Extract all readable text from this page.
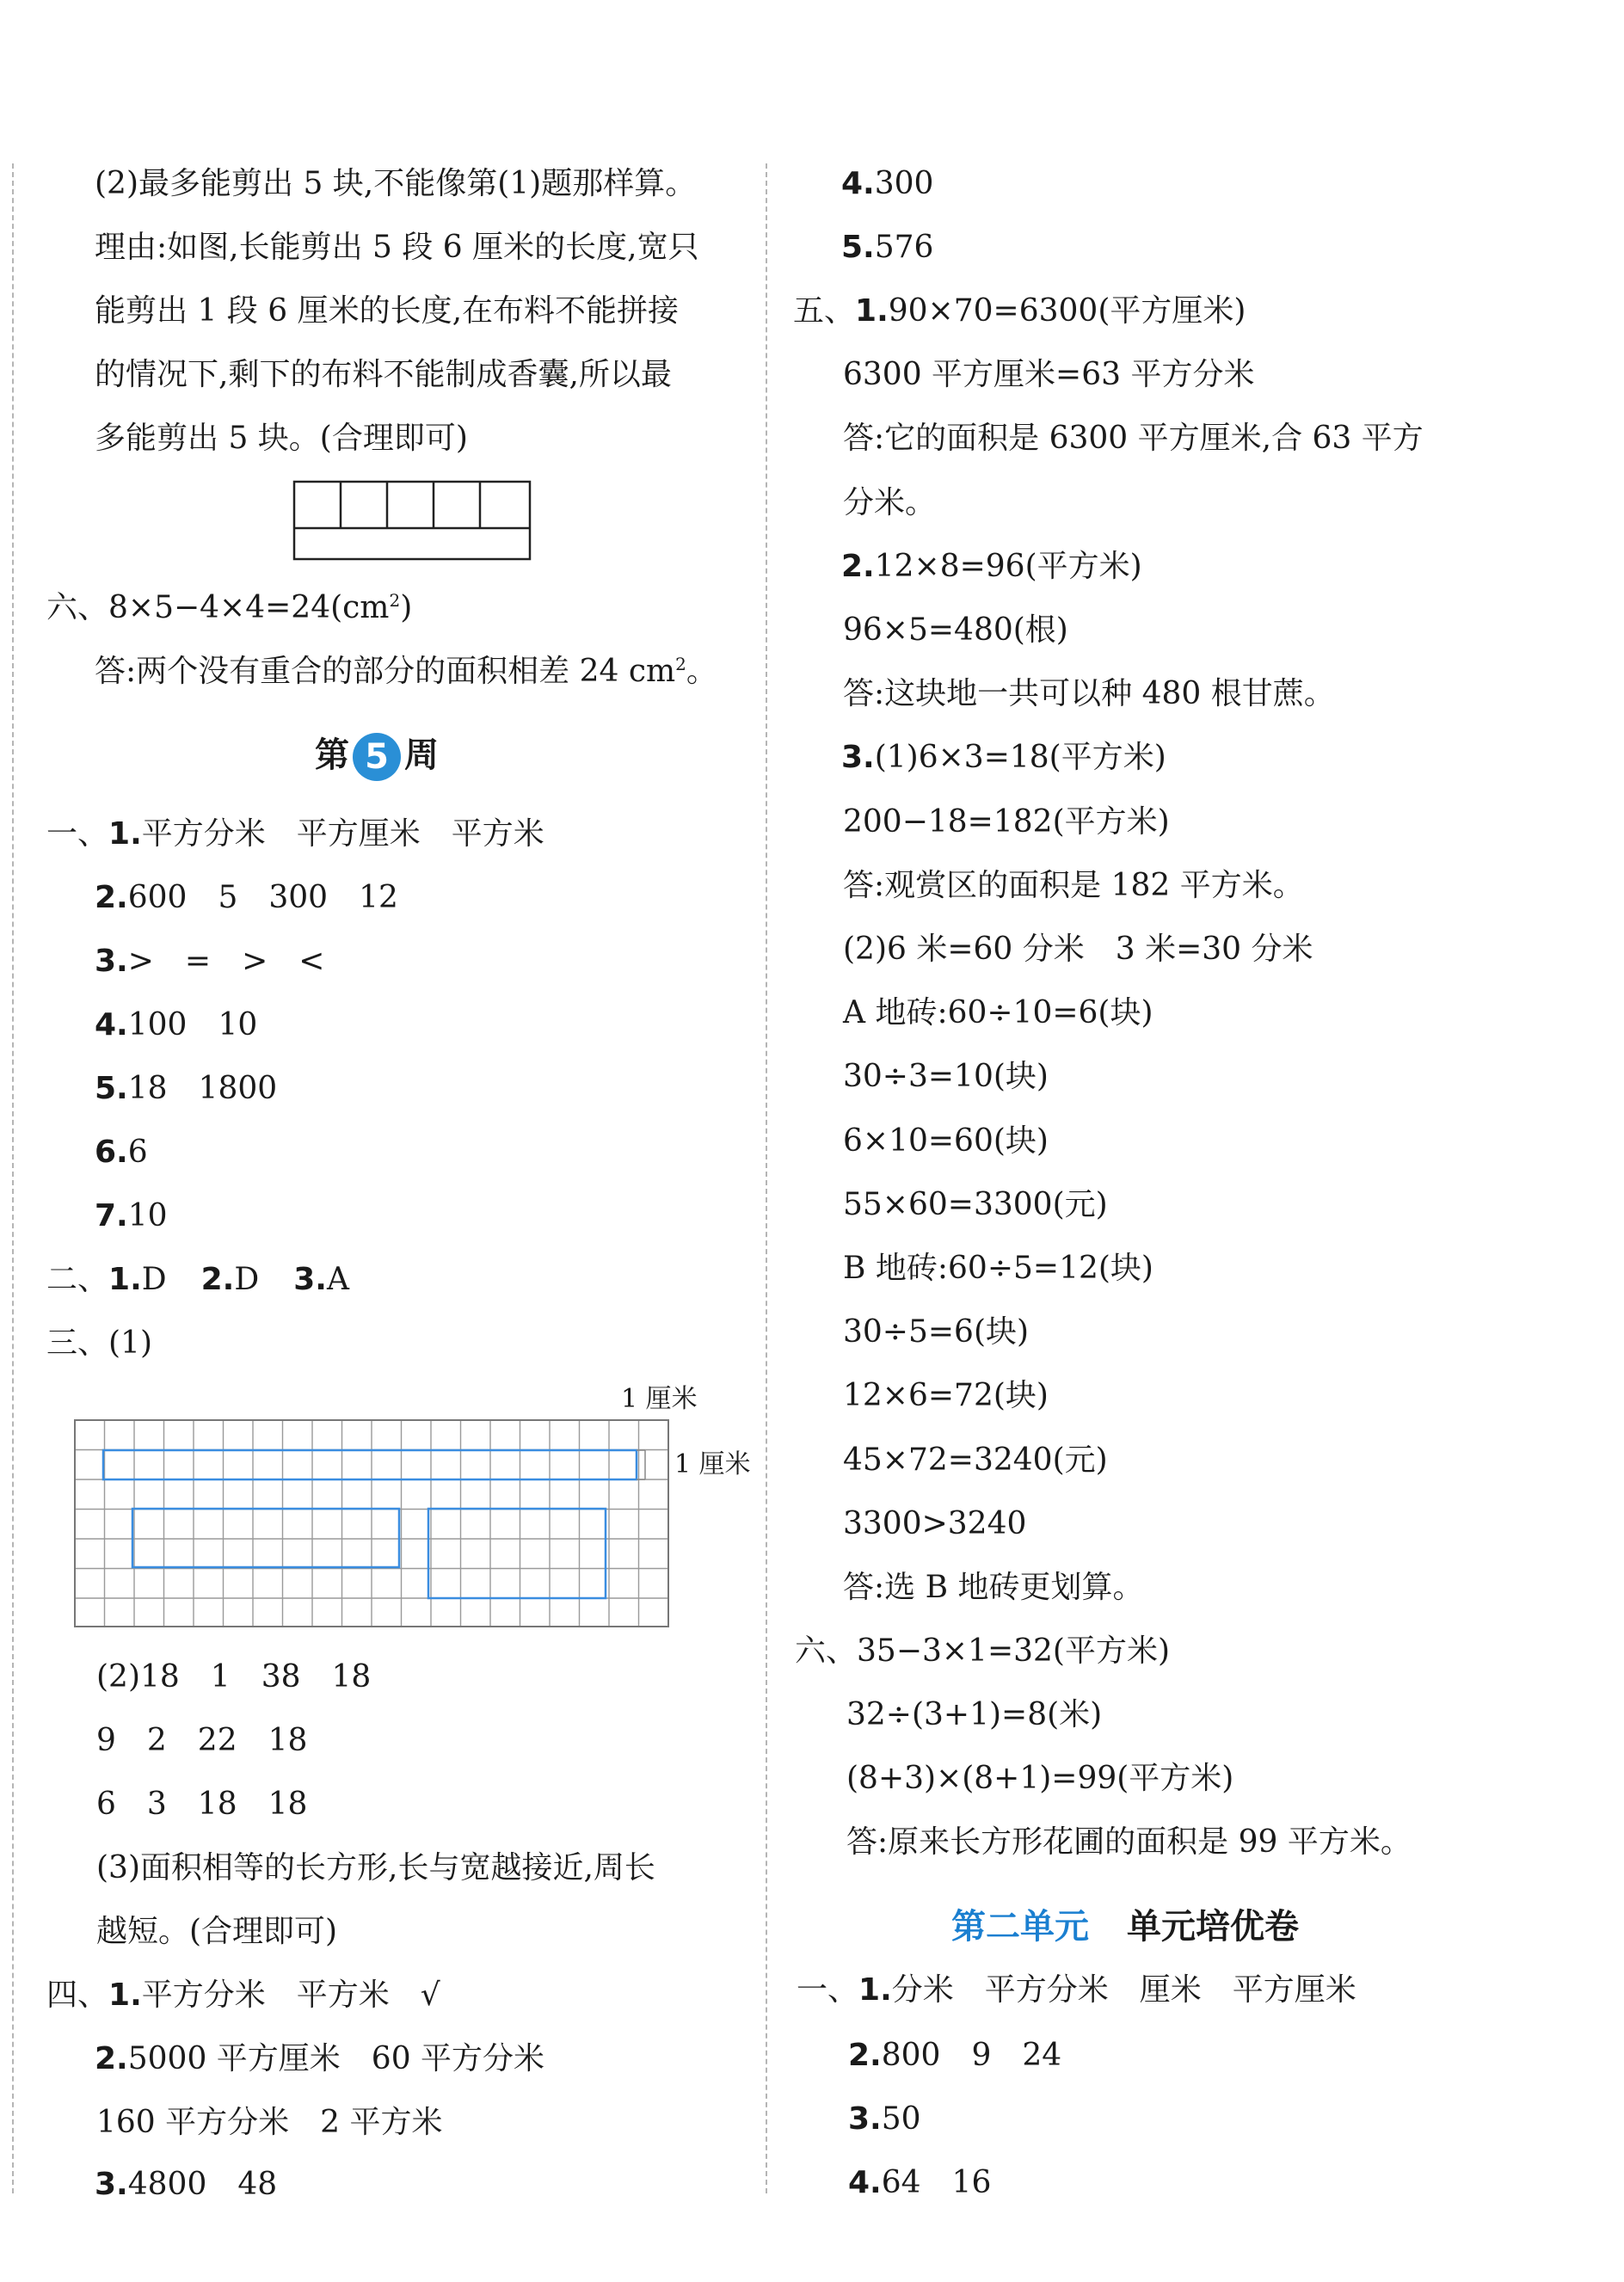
(2)最多能剪出 5 块,不能像第(1)题那样算。
理由:如图,长能剪出 5 段 6 厘米的长度,宽只
能剪出 1 段 6 厘米的长度,在布料不能拼接
的情况下,剩下的布料不能制成香囊,所以最
多能剪出 5 块。(合理即可)
六、$8\times 5-4\times 4=24(cm^2)$
答:两个没有重合的部分的面积相差 24 $cm^2$。
第 5 周
一、1.平方分米　平方厘米　平方米
2.600　5　300　12
3.>　=　>　<
4.100　10
5.18　1800
6.6
7.10
二、1.D 2.D 3.A
三、(1)
1 厘米
1 厘米
(2)18　1　38　18
9　2　22　18
6　3　18　18
(3)面积相等的长方形,长与宽越接近,周长
越短。(合理即可)
四、1.平方分米　平方米　√
2.5000 平方厘米　60 平方分米
160 平方分米　2 平方米
3.4800　48
4.300
5.576
五、1.90×70=6300(平方厘米)
6300 平方厘米=63 平方分米
答:它的面积是 6300 平方厘米,合 63 平方
分米。
2.12×8=96(平方米)
96×5=480(根)
答:这块地一共可以种 480 根甘蔗。
3.(1)6×3=18(平方米)
200−18=182(平方米)
答:观赏区的面积是 182 平方米。
(2)6 米=60 分米　3 米=30 分米
A 地砖:60÷10=6(块)
30÷3=10(块)
6×10=60(块)
55×60=3300(元)
B 地砖:60÷5=12(块)
30÷5=6(块)
12×6=72(块)
45×72=3240(元)
3300>3240
答:选 B 地砖更划算。
六、35−3×1=32(平方米)
32÷(3+1)=8(米)
(8+3)×(8+1)=99(平方米)
答:原来长方形花圃的面积是 99 平方米。
第二单元 单元培优卷
一、1.分米　平方分米　厘米　平方厘米
2.800　9　24
3.50
4.64　16
